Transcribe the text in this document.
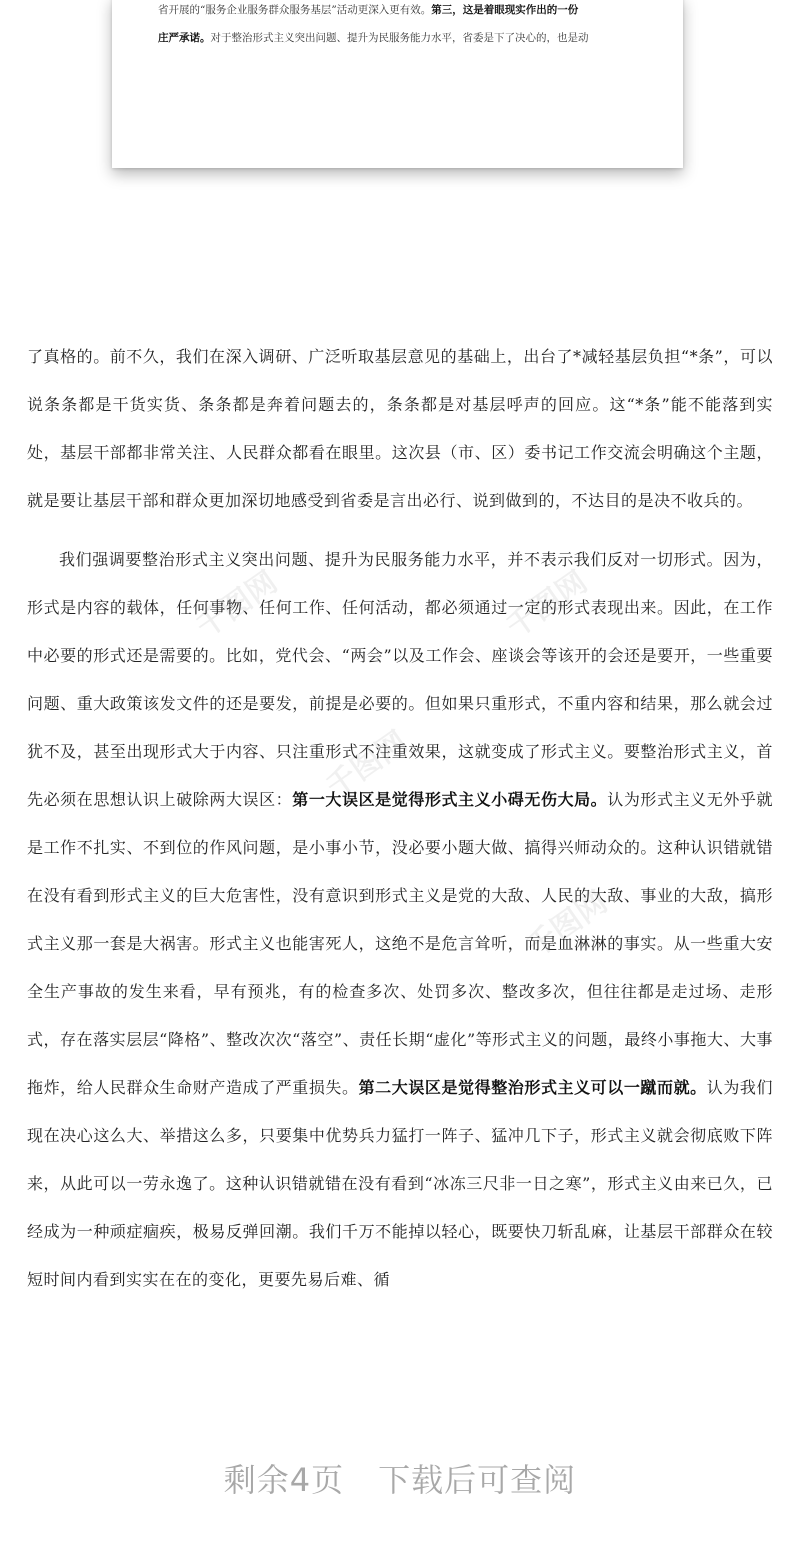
省开展的“服务企业服务群众服务基层”活动更深入更有效。第三，这是着眼现实作出的一份
庄严承诺。对于整治形式主义突出问题、提升为民服务能力水平，省委是下了决心的，也是动
千图网	千图网
千图网
千图网

了真格的。前不久，我们在深入调研、广泛听取基层意见的基础上，出台了*减轻基层负担“*条”，可以说条条都是干货实货、条条都是奔着问题去的，条条都是对基层呼声的回应。这“*条”能不能落到实处，基层干部都非常关注、人民群众都看在眼里。这次县（市、区）委书记工作交流会明确这个主题，就是要让基层干部和群众更加深切地感受到省委是言出必行、说到做到的，不达目的是决不收兵的。

我们强调要整治形式主义突出问题、提升为民服务能力水平，并不表示我们反对一切形式。因为，形式是内容的载体，任何事物、任何工作、任何活动，都必须通过一定的形式表现出来。因此，在工作中必要的形式还是需要的。比如，党代会、“两会”以及工作会、座谈会等该开的会还是要开，一些重要问题、重大政策该发文件的还是要发，前提是必要的。但如果只重形式，不重内容和结果，那么就会过犹不及，甚至出现形式大于内容、只注重形式不注重效果，这就变成了形式主义。要整治形式主义，首先必须在思想认识上破除两大误区：第一大误区是觉得形式主义小碍无伤大局。认为形式主义无外乎就是工作不扎实、不到位的作风问题，是小事小节，没必要小题大做、搞得兴师动众的。这种认识错就错在没有看到形式主义的巨大危害性，没有意识到形式主义是党的大敌、人民的大敌、事业的大敌，搞形式主义那一套是大祸害。形式主义也能害死人，这绝不是危言耸听，而是血淋淋的事实。从一些重大安全生产事故的发生来看，早有预兆，有的检查多次、处罚多次、整改多次，但往往都是走过场、走形式，存在落实层层“降格”、整改次次“落空”、责任长期“虚化”等形式主义的问题，最终小事拖大、大事拖炸，给人民群众生命财产造成了严重损失。第二大误区是觉得整治形式主义可以一蹴而就。认为我们现在决心这么大、举措这么多，只要集中优势兵力猛打一阵子、猛冲几下子，形式主义就会彻底败下阵来，从此可以一劳永逸了。这种认识错就错在没有看到“冰冻三尺非一日之寒”，形式主义由来已久，已经成为一种顽症痼疾，极易反弹回潮。我们千万不能掉以轻心，既要快刀斩乱麻，让基层干部群众在较短时间内看到实实在在的变化，更要先易后难、循

剩余4页 下载后可查阅
